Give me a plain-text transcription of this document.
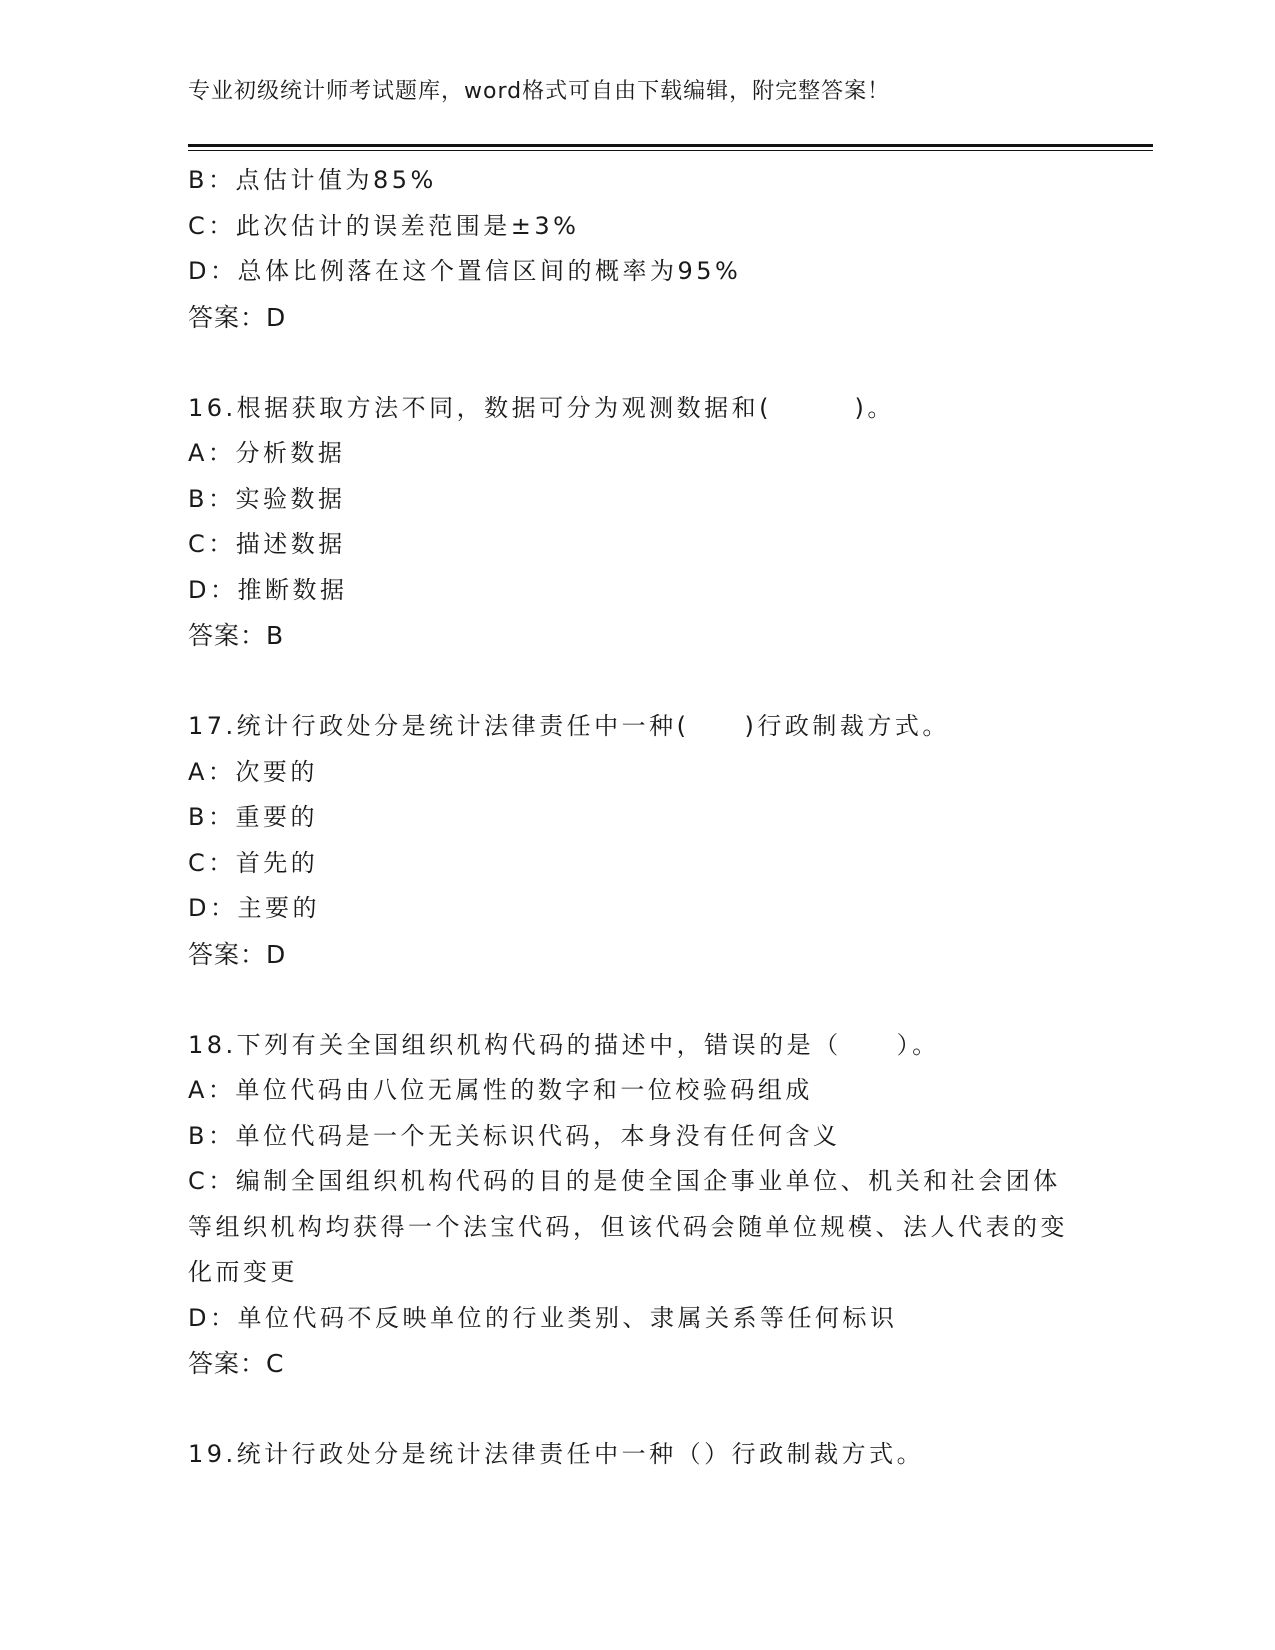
专业初级统计师考试题库，word格式可自由下载编辑，附完整答案！
B：点估计值为85%
C：此次估计的误差范围是±3%
D：总体比例落在这个置信区间的概率为95%
答案：D
16.根据获取方法不同，数据可分为观测数据和(　　　)。
A：分析数据
B：实验数据
C：描述数据
D：推断数据
答案：B
17.统计行政处分是统计法律责任中一种(　　)行政制裁方式。
A：次要的
B：重要的
C：首先的
D：主要的
答案：D
18.下列有关全国组织机构代码的描述中，错误的是（　　）。
A：单位代码由八位无属性的数字和一位校验码组成
B：单位代码是一个无关标识代码，本身没有任何含义
C：编制全国组织机构代码的目的是使全国企事业单位、机关和社会团体等组织机构均获得一个法宝代码，但该代码会随单位规模、法人代表的变化而变更
D：单位代码不反映单位的行业类别、隶属关系等任何标识
答案：C
19.统计行政处分是统计法律责任中一种（）行政制裁方式。
